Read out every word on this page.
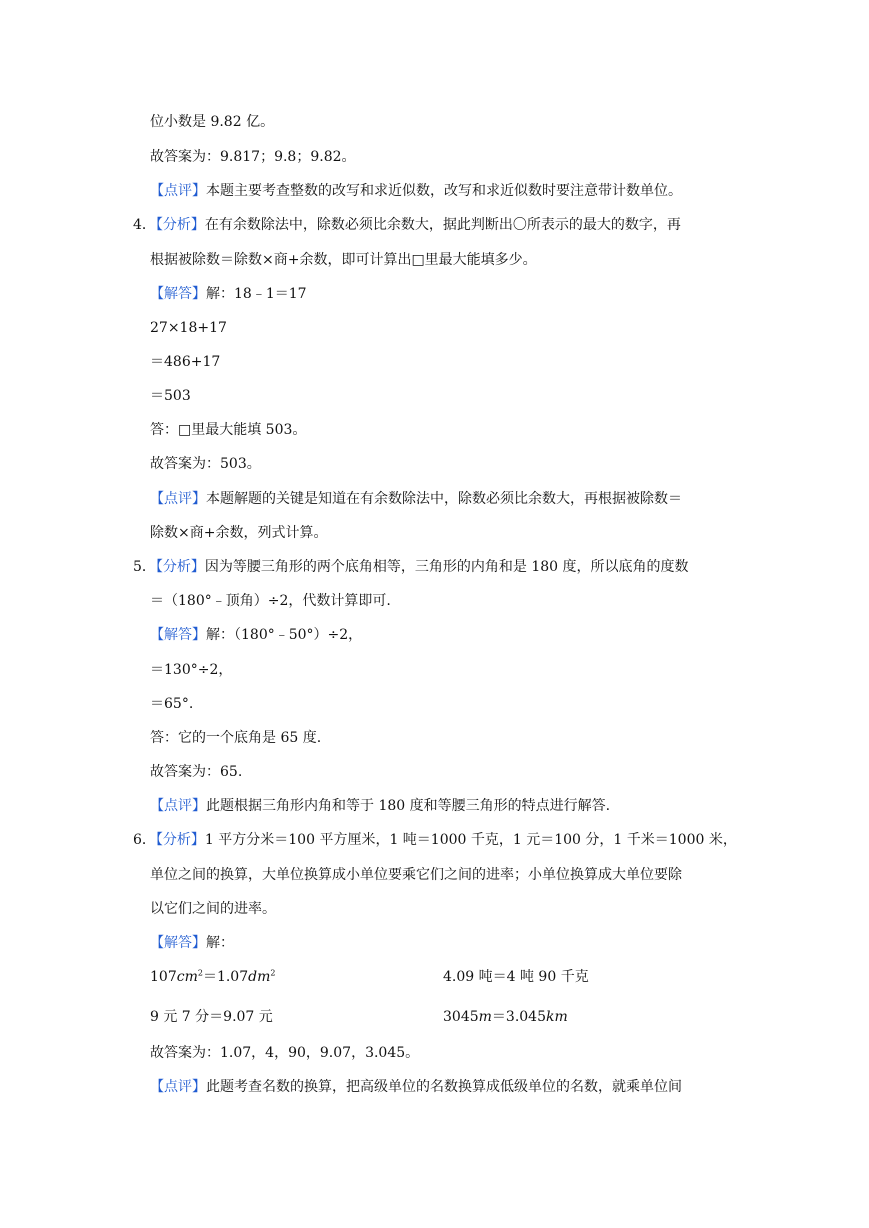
位小数是 9.82 亿。
故答案为：9.817；9.8；9.82。
【点评】本题主要考查整数的改写和求近似数，改写和求近似数时要注意带计数单位。
4．【分析】在有余数除法中，除数必须比余数大，据此判断出〇所表示的最大的数字，再
根据被除数＝除数×商+余数，即可计算出□里最大能填多少。
【解答】解：18﹣1＝17
27×18+17
＝486+17
＝503
答：□里最大能填 503。
故答案为：503。
【点评】本题解题的关键是知道在有余数除法中，除数必须比余数大，再根据被除数＝
除数×商+余数，列式计算。
5．【分析】因为等腰三角形的两个底角相等，三角形的内角和是 180 度，所以底角的度数
＝（180°﹣顶角）÷2，代数计算即可.
【解答】解：（180°﹣50°）÷2，
＝130°÷2，
＝65°.
答：它的一个底角是 65 度.
故答案为：65.
【点评】此题根据三角形内角和等于 180 度和等腰三角形的特点进行解答.
6．【分析】1 平方分米＝100 平方厘米，1 吨＝1000 千克，1 元＝100 分，1 千米＝1000 米，
单位之间的换算，大单位换算成小单位要乘它们之间的进率；小单位换算成大单位要除
以它们之间的进率。
【解答】解：
$107cm^2=1.07dm^2$	4.09 吨＝4 吨 90 千克
9 元 7 分＝9.07 元	3045m＝3.045km
故答案为：1.07，4，90，9.07，3.045。
【点评】此题考查名数的换算，把高级单位的名数换算成低级单位的名数，就乘单位间
